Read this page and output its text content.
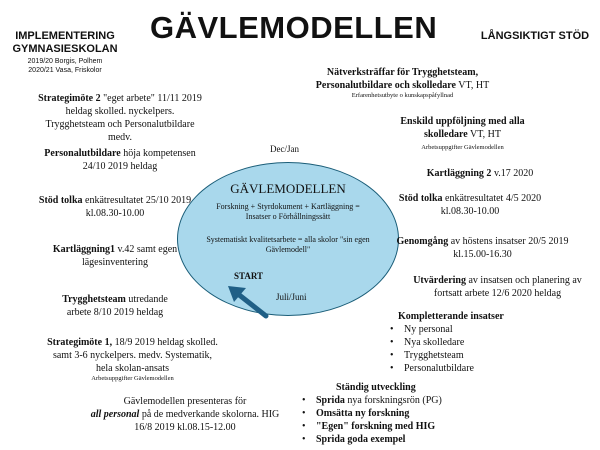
GÄVLEMODELLEN
IMPLEMENTERING
GYMNASIESKOLAN
2019/20 Borgis, Polhem
2020/21 Vasa, Friskolor
LÅNGSIKTIGT STÖD
Dec/Jan
GÄVLEMODELLEN
Forskning + Styrdokument + Kartläggning = Insatser o Förhållningssätt
Systematiskt kvalitetsarbete = alla skolor "sin egen Gävlemodell"
START
Juli/Juni
Strategimöte 2 "eget arbete" 11/11 2019 heldag skolled. nyckelpers. Trygghetsteam och Personalutbildare medv.
Personalutbildare höja kompetensen 24/10 2019 heldag
Stöd tolka enkätresultatet 25/10 2019 kl.08.30-10.00
Kartläggning1 v.42 samt egen lägesinventering
Trygghetsteam utredande arbete 8/10 2019 heldag
Strategimöte 1, 18/9 2019 heldag skolled. samt 3-6 nyckelpers. medv. Systematik, hela skolan-ansats
Arbetsuppgifter Gävlemodellen
Gävlemodellen presenteras för
all personal på de medverkande skolorna. HIG 16/8 2019 kl.08.15-12.00
Nätverksträffar för Trygghetsteam, Personalutbildare och skolledare VT, HT
Erfarenhetsutbyte o kunskapspåfyllnad
Enskild uppföljning med alla skolledare VT, HT
Arbetsuppgifter Gävlemodellen
Kartläggning 2 v.17 2020
Stöd tolka enkätresultatet 4/5 2020 kl.08.30-10.00
Genomgång av höstens insatser 20/5 2019 kl.15.00-16.30
Utvärdering av insatsen och planering av fortsatt arbete 12/6 2020 heldag
Kompletterande insatser
• Ny personal
• Nya skolledare
• Trygghetsteam
• Personalutbildare
Ständig utveckling
• Sprida nya forskningsrön (PG)
• Omsätta ny forskning
• "Egen" forskning med HIG
• Sprida goda exempel
